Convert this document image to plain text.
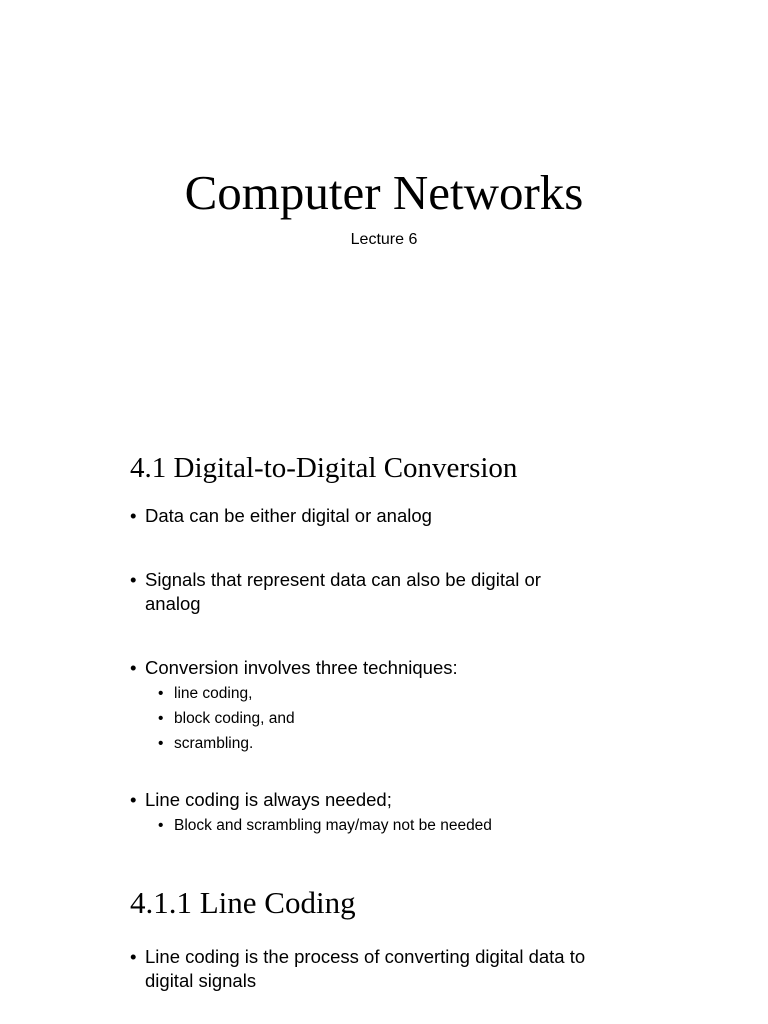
Computer Networks
Lecture 6
4.1 Digital-to-Digital Conversion
• Data can be either digital or analog
• Signals that represent data can also be digital or
analog
• Conversion involves three techniques:
• line coding,
• block coding, and
• scrambling.
• Line coding is always needed;
• Block and scrambling may/may not be needed
4.1.1 Line Coding
• Line coding is the process of converting digital data to
digital signals
